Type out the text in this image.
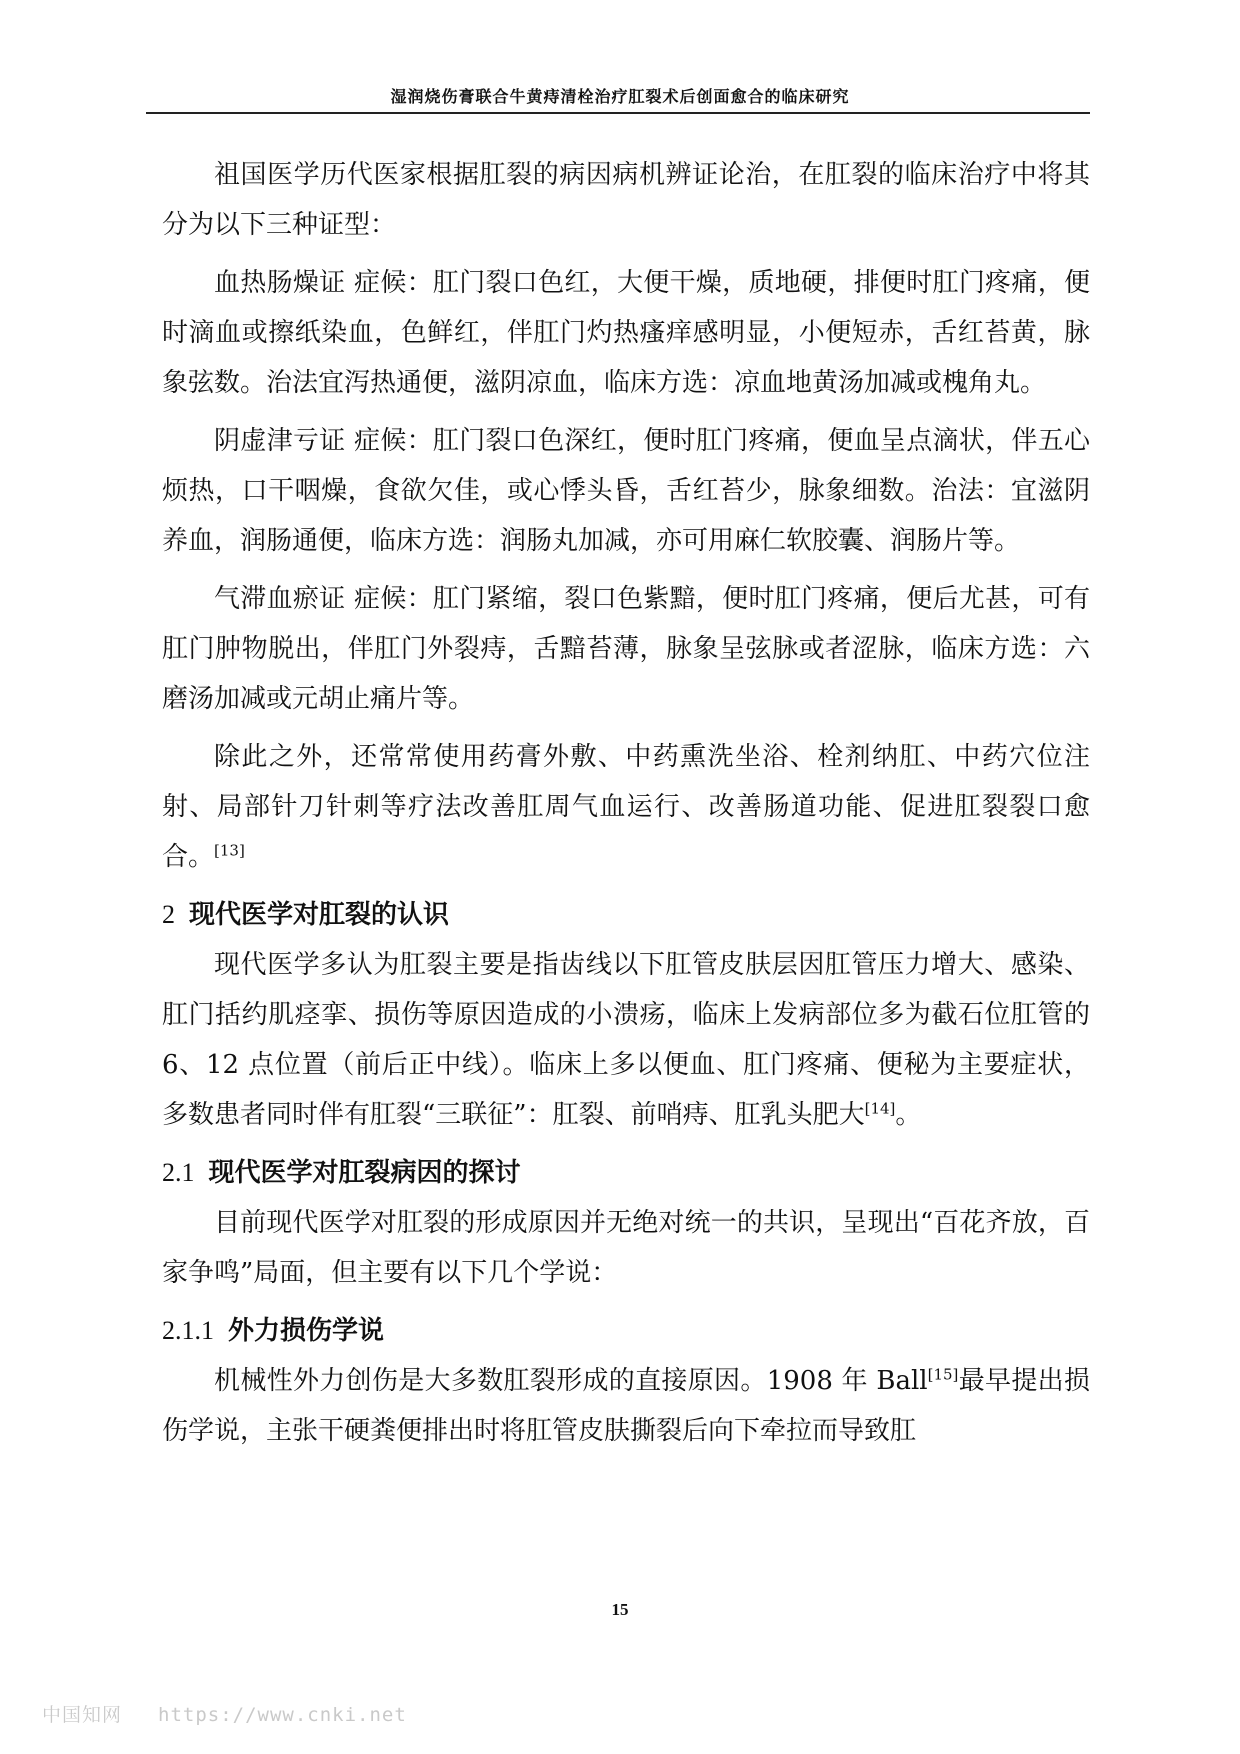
湿润烧伤膏联合牛黄痔清栓治疗肛裂术后创面愈合的临床研究

祖国医学历代医家根据肛裂的病因病机辨证论治，在肛裂的临床治疗中将其分为以下三种证型：

血热肠燥证 症候：肛门裂口色红，大便干燥，质地硬，排便时肛门疼痛，便时滴血或擦纸染血，色鲜红，伴肛门灼热瘙痒感明显，小便短赤，舌红苔黄，脉象弦数。治法宜泻热通便，滋阴凉血，临床方选：凉血地黄汤加减或槐角丸。

阴虚津亏证 症候：肛门裂口色深红，便时肛门疼痛，便血呈点滴状，伴五心烦热，口干咽燥，食欲欠佳，或心悸头昏，舌红苔少，脉象细数。治法：宜滋阴养血，润肠通便，临床方选：润肠丸加减，亦可用麻仁软胶囊、润肠片等。

气滞血瘀证 症候：肛门紧缩，裂口色紫黯，便时肛门疼痛，便后尤甚，可有肛门肿物脱出，伴肛门外裂痔，舌黯苔薄，脉象呈弦脉或者涩脉，临床方选：六磨汤加减或元胡止痛片等。

除此之外，还常常使用药膏外敷、中药熏洗坐浴、栓剂纳肛、中药穴位注射、局部针刀针刺等疗法改善肛周气血运行、改善肠道功能、促进肛裂裂口愈合。[13]

2 现代医学对肛裂的认识

现代医学多认为肛裂主要是指齿线以下肛管皮肤层因肛管压力增大、感染、肛门括约肌痉挛、损伤等原因造成的小溃疡，临床上发病部位多为截石位肛管的 6、12 点位置（前后正中线）。临床上多以便血、肛门疼痛、便秘为主要症状，多数患者同时伴有肛裂“三联征”：肛裂、前哨痔、肛乳头肥大[14]。

2.1 现代医学对肛裂病因的探讨

目前现代医学对肛裂的形成原因并无绝对统一的共识，呈现出“百花齐放，百家争鸣”局面，但主要有以下几个学说：

2.1.1 外力损伤学说

机械性外力创伤是大多数肛裂形成的直接原因。1908 年 Ball[15]最早提出损伤学说，主张干硬粪便排出时将肛管皮肤撕裂后向下牵拉而导致肛

15
中国知网 https://www.cnki.net
